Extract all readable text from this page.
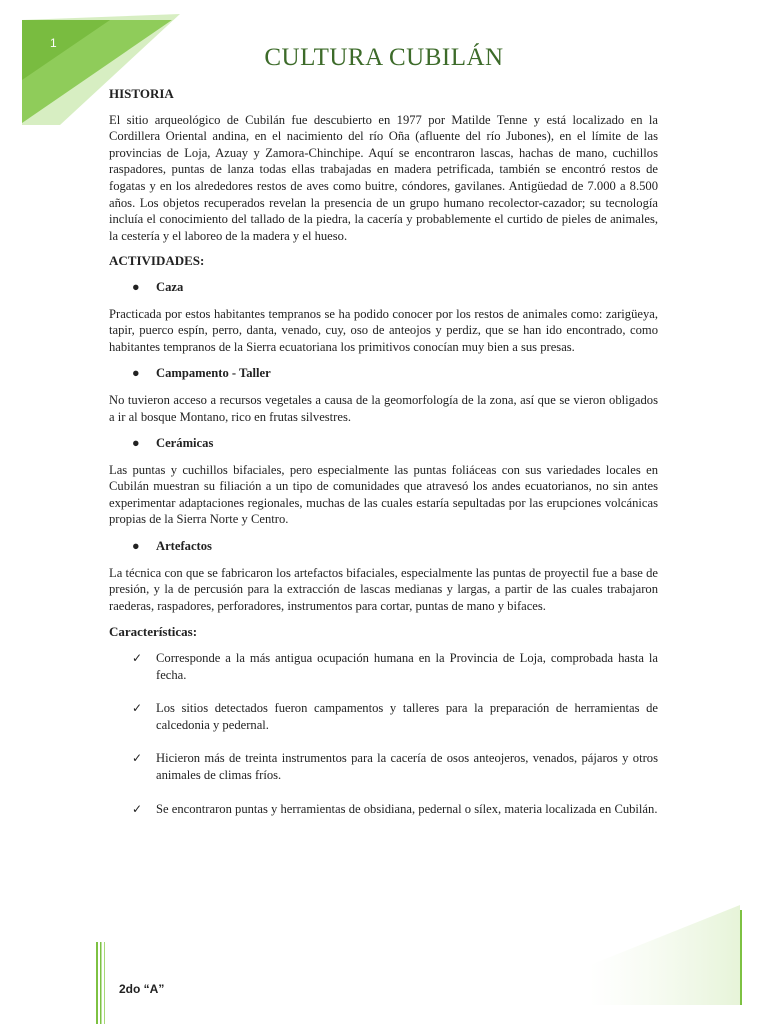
1
CULTURA CUBILÁN

HISTORIA

El sitio arqueológico de Cubilán fue descubierto en 1977 por Matilde Tenne y está localizado en la Cordillera Oriental andina, en el nacimiento del río Oña (afluente del río Jubones), en el límite de las provincias de Loja, Azuay y Zamora-Chinchipe. Aquí se encontraron lascas, hachas de mano, cuchillos raspadores, puntas de lanza todas ellas trabajadas en madera petrificada, también se encontró restos de fogatas y en los alrededores restos de aves como buitre, cóndores, gavilanes. Antigüedad de 7.000 a 8.500 años. Los objetos recuperados revelan la presencia de un grupo humano recolector-cazador; su tecnología incluía el conocimiento del tallado de la piedra, la cacería y probablemente el curtido de pieles de animales, la cestería y el laboreo de la madera y el hueso.

ACTIVIDADES:

● Caza

Practicada por estos habitantes tempranos se ha podido conocer por los restos de animales como: zarigüeya, tapir, puerco espín, perro, danta, venado, cuy, oso de anteojos y perdiz, que se han ido encontrado, como habitantes tempranos de la Sierra ecuatoriana los primitivos conocían muy bien a sus presas.

● Campamento - Taller

No tuvieron acceso a recursos vegetales a causa de la geomorfología de la zona, así que se vieron obligados a ir al bosque Montano, rico en frutas silvestres.

● Cerámicas

Las puntas y cuchillos bifaciales, pero especialmente las puntas foliáceas con sus variedades locales en Cubilán muestran su filiación a un tipo de comunidades que atravesó los andes ecuatorianos, no sin antes experimentar adaptaciones regionales, muchas de las cuales estaría sepultadas por las erupciones volcánicas propias de la Sierra Norte y Centro.

● Artefactos

La técnica con que se fabricaron los artefactos bifaciales, especialmente las puntas de proyectil fue a base de presión, y la de percusión para la extracción de lascas medianas y largas, a partir de las cuales trabajaron raederas, raspadores, perforadores, instrumentos para cortar, puntas de mano y bifaces.

Características:

✓ Corresponde a la más antigua ocupación humana en la Provincia de Loja, comprobada hasta la fecha.

✓ Los sitios detectados fueron campamentos y talleres para la preparación de herramientas de calcedonia y pedernal.

✓ Hicieron más de treinta instrumentos para la cacería de osos anteojeros, venados, pájaros y otros animales de climas fríos.

✓ Se encontraron puntas y herramientas de obsidiana, pedernal o sílex, materia localizada en Cubilán.

2do “A”
